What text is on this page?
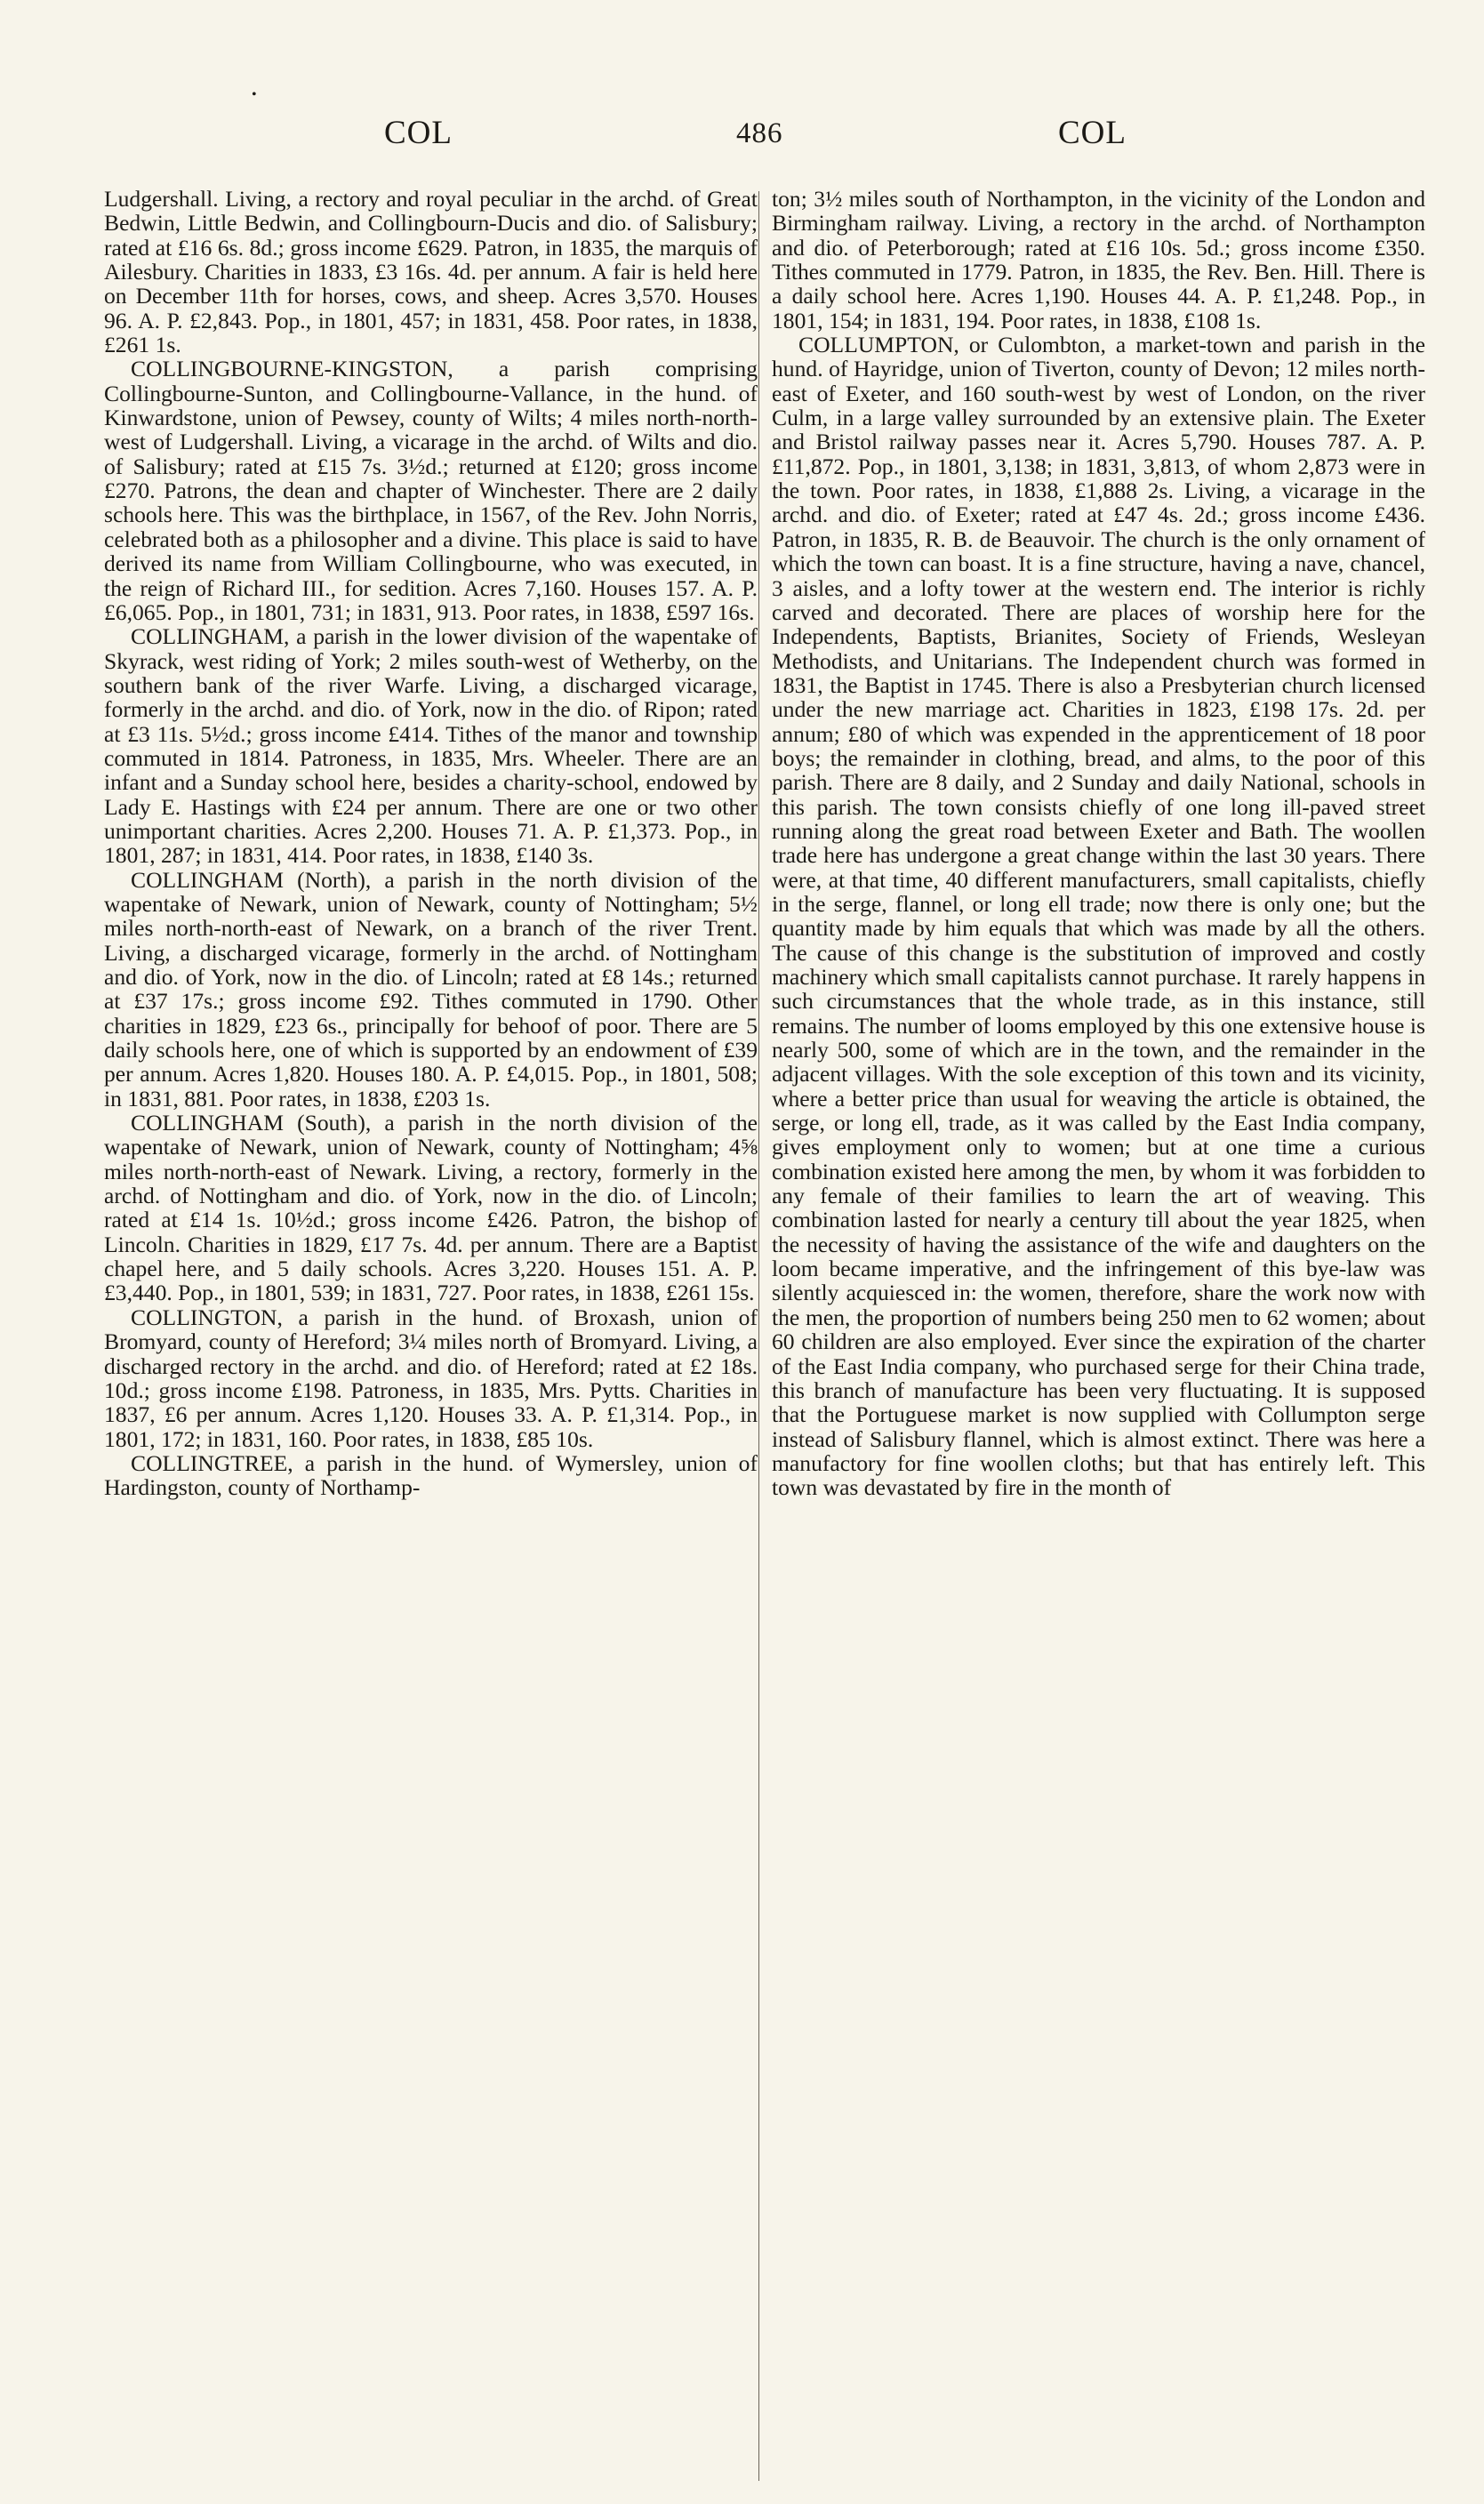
•
COL	486	COL

Ludgershall. Living, a rectory and royal peculiar in the archd. of Great Bedwin, Little Bedwin, and Collingbourn-Ducis and dio. of Salisbury; rated at £16 6s. 8d.; gross income £629. Patron, in 1835, the marquis of Ailesbury. Charities in 1833, £3 16s. 4d. per annum. A fair is held here on December 11th for horses, cows, and sheep. Acres 3,570. Houses 96. A. P. £2,843. Pop., in 1801, 457; in 1831, 458. Poor rates, in 1838, £261 1s.

COLLINGBOURNE-KINGSTON, a parish comprising Collingbourne-Sunton, and Collingbourne-Vallance, in the hund. of Kinwardstone, union of Pewsey, county of Wilts; 4 miles north-north-west of Ludgershall. Living, a vicarage in the archd. of Wilts and dio. of Salisbury; rated at £15 7s. 3½d.; returned at £120; gross income £270. Patrons, the dean and chapter of Winchester. There are 2 daily schools here. This was the birthplace, in 1567, of the Rev. John Norris, celebrated both as a philosopher and a divine. This place is said to have derived its name from William Collingbourne, who was executed, in the reign of Richard III., for sedition. Acres 7,160. Houses 157. A. P. £6,065. Pop., in 1801, 731; in 1831, 913. Poor rates, in 1838, £597 16s.

COLLINGHAM, a parish in the lower division of the wapentake of Skyrack, west riding of York; 2 miles south-west of Wetherby, on the southern bank of the river Warfe. Living, a discharged vicarage, formerly in the archd. and dio. of York, now in the dio. of Ripon; rated at £3 11s. 5½d.; gross income £414. Tithes of the manor and township commuted in 1814. Patroness, in 1835, Mrs. Wheeler. There are an infant and a Sunday school here, besides a charity-school, endowed by Lady E. Hastings with £24 per annum. There are one or two other unimportant charities. Acres 2,200. Houses 71. A. P. £1,373. Pop., in 1801, 287; in 1831, 414. Poor rates, in 1838, £140 3s.

COLLINGHAM (North), a parish in the north division of the wapentake of Newark, union of Newark, county of Nottingham; 5½ miles north-north-east of Newark, on a branch of the river Trent. Living, a discharged vicarage, formerly in the archd. of Nottingham and dio. of York, now in the dio. of Lincoln; rated at £8 14s.; returned at £37 17s.; gross income £92. Tithes commuted in 1790. Other charities in 1829, £23 6s., principally for behoof of poor. There are 5 daily schools here, one of which is supported by an endowment of £39 per annum. Acres 1,820. Houses 180. A. P. £4,015. Pop., in 1801, 508; in 1831, 881. Poor rates, in 1838, £203 1s.

COLLINGHAM (South), a parish in the north division of the wapentake of Newark, union of Newark, county of Nottingham; 4⅝ miles north-north-east of Newark. Living, a rectory, formerly in the archd. of Nottingham and dio. of York, now in the dio. of Lincoln; rated at £14 1s. 10½d.; gross income £426. Patron, the bishop of Lincoln. Charities in 1829, £17 7s. 4d. per annum. There are a Baptist chapel here, and 5 daily schools. Acres 3,220. Houses 151. A. P. £3,440. Pop., in 1801, 539; in 1831, 727. Poor rates, in 1838, £261 15s.

COLLINGTON, a parish in the hund. of Broxash, union of Bromyard, county of Hereford; 3¼ miles north of Bromyard. Living, a discharged rectory in the archd. and dio. of Hereford; rated at £2 18s. 10d.; gross income £198. Patroness, in 1835, Mrs. Pytts. Charities in 1837, £6 per annum. Acres 1,120. Houses 33. A. P. £1,314. Pop., in 1801, 172; in 1831, 160. Poor rates, in 1838, £85 10s.

COLLINGTREE, a parish in the hund. of Wymersley, union of Hardingston, county of Northamp-

ton; 3½ miles south of Northampton, in the vicinity of the London and Birmingham railway. Living, a rectory in the archd. of Northampton and dio. of Peterborough; rated at £16 10s. 5d.; gross income £350. Tithes commuted in 1779. Patron, in 1835, the Rev. Ben. Hill. There is a daily school here. Acres 1,190. Houses 44. A. P. £1,248. Pop., in 1801, 154; in 1831, 194. Poor rates, in 1838, £108 1s.

COLLUMPTON, or Culombton, a market-town and parish in the hund. of Hayridge, union of Tiverton, county of Devon; 12 miles north-east of Exeter, and 160 south-west by west of London, on the river Culm, in a large valley surrounded by an extensive plain. The Exeter and Bristol railway passes near it. Acres 5,790. Houses 787. A. P. £11,872. Pop., in 1801, 3,138; in 1831, 3,813, of whom 2,873 were in the town. Poor rates, in 1838, £1,888 2s. Living, a vicarage in the archd. and dio. of Exeter; rated at £47 4s. 2d.; gross income £436. Patron, in 1835, R. B. de Beauvoir. The church is the only ornament of which the town can boast. It is a fine structure, having a nave, chancel, 3 aisles, and a lofty tower at the western end. The interior is richly carved and decorated. There are places of worship here for the Independents, Baptists, Brianites, Society of Friends, Wesleyan Methodists, and Unitarians. The Independent church was formed in 1831, the Baptist in 1745. There is also a Presbyterian church licensed under the new marriage act. Charities in 1823, £198 17s. 2d. per annum; £80 of which was expended in the apprenticement of 18 poor boys; the remainder in clothing, bread, and alms, to the poor of this parish. There are 8 daily, and 2 Sunday and daily National, schools in this parish. The town consists chiefly of one long ill-paved street running along the great road between Exeter and Bath. The woollen trade here has undergone a great change within the last 30 years. There were, at that time, 40 different manufacturers, small capitalists, chiefly in the serge, flannel, or long ell trade; now there is only one; but the quantity made by him equals that which was made by all the others. The cause of this change is the substitution of improved and costly machinery which small capitalists cannot purchase. It rarely happens in such circumstances that the whole trade, as in this instance, still remains. The number of looms employed by this one extensive house is nearly 500, some of which are in the town, and the remainder in the adjacent villages. With the sole exception of this town and its vicinity, where a better price than usual for weaving the article is obtained, the serge, or long ell, trade, as it was called by the East India company, gives employment only to women; but at one time a curious combination existed here among the men, by whom it was forbidden to any female of their families to learn the art of weaving. This combination lasted for nearly a century till about the year 1825, when the necessity of having the assistance of the wife and daughters on the loom became imperative, and the infringement of this bye-law was silently acquiesced in: the women, therefore, share the work now with the men, the proportion of numbers being 250 men to 62 women; about 60 children are also employed. Ever since the expiration of the charter of the East India company, who purchased serge for their China trade, this branch of manufacture has been very fluctuating. It is supposed that the Portuguese market is now supplied with Collumpton serge instead of Salisbury flannel, which is almost extinct. There was here a manufactory for fine woollen cloths; but that has entirely left. This town was devastated by fire in the month of
